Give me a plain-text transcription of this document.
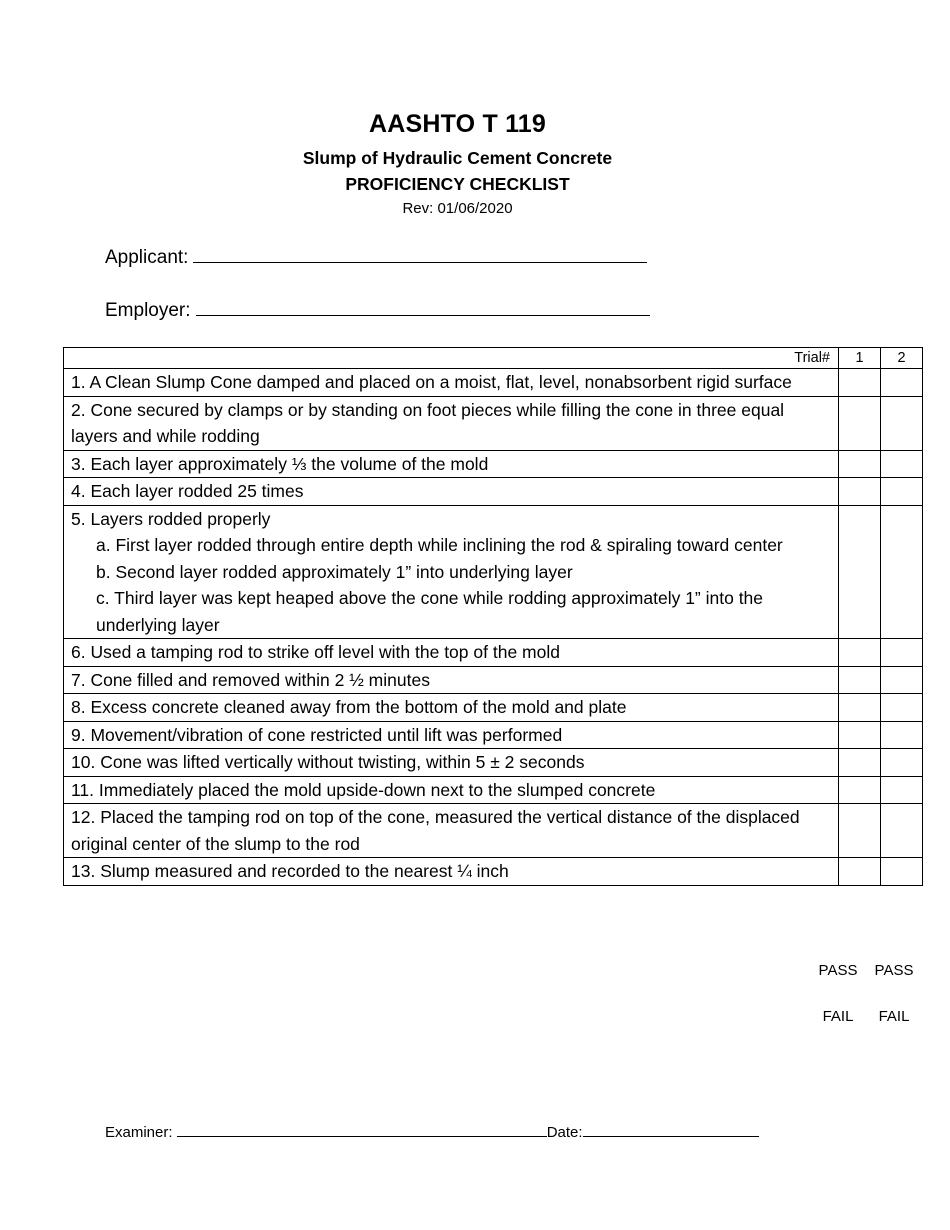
AASHTO T 119
Slump of Hydraulic Cement Concrete
PROFICIENCY CHECKLIST
Rev: 01/06/2020
Applicant:
Employer:
Trial#	1	2
1. A Clean Slump Cone damped and placed on a moist, flat, level, nonabsorbent rigid surface		
2. Cone secured by clamps or by standing on foot pieces while filling the cone in three equal layers and while rodding		
3. Each layer approximately ⅓ the volume of the mold		
4. Each layer rodded 25 times		
5. Layers rodded properly
a. First layer rodded through entire depth while inclining the rod & spiraling toward center
b. Second layer rodded approximately 1” into underlying layer
c. Third layer was kept heaped above the cone while rodding approximately 1” into the underlying layer		
6. Used a tamping rod to strike off level with the top of the mold		
7. Cone filled and removed within 2 ½ minutes		
8. Excess concrete cleaned away from the bottom of the mold and plate		
9. Movement/vibration of cone restricted until lift was performed		
10. Cone was lifted vertically without twisting, within 5 ± 2 seconds		
11. Immediately placed the mold upside-down next to the slumped concrete		
12. Placed the tamping rod on top of the cone, measured the vertical distance of the displaced original center of the slump to the rod		
13. Slump measured and recorded to the nearest ¼ inch		
PASS	PASS
FAIL	FAIL
Examiner:	Date:
